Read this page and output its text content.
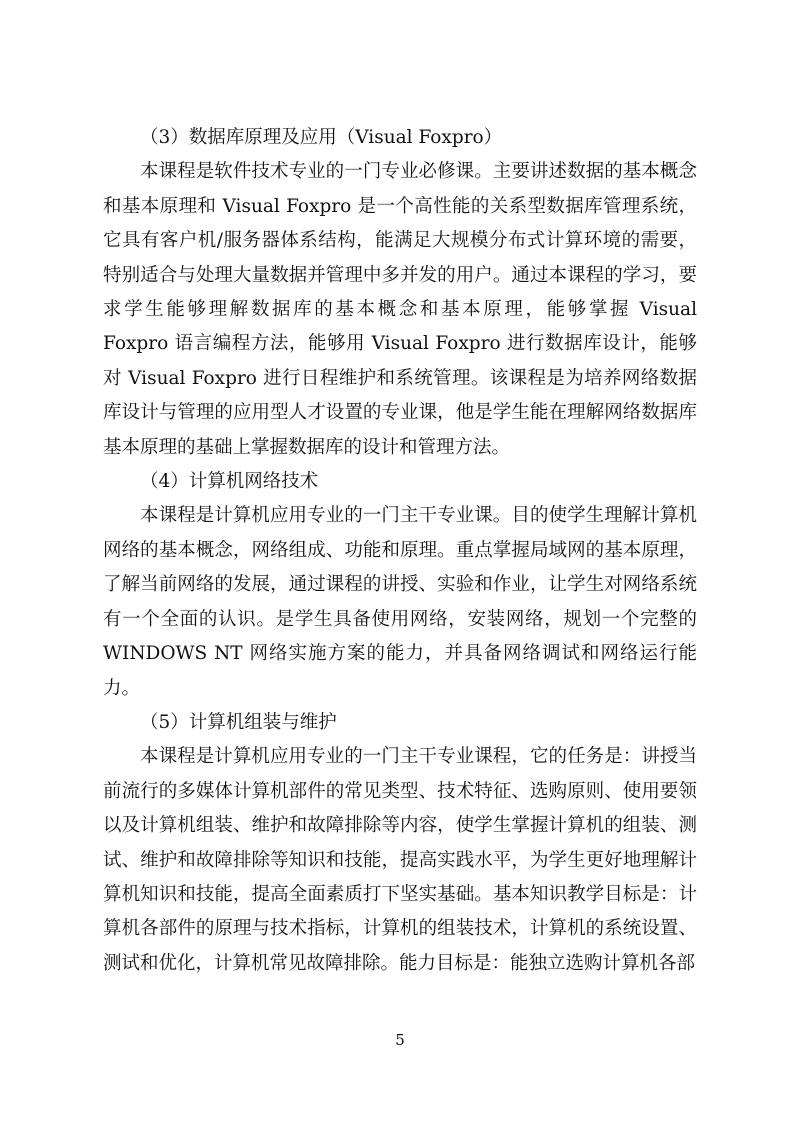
（3）数据库原理及应用（Visual Foxpro）

本课程是软件技术专业的一门专业必修课。主要讲述数据的基本概念和基本原理和 Visual Foxpro 是一个高性能的关系型数据库管理系统，它具有客户机/服务器体系结构，能满足大规模分布式计算环境的需要，特别适合与处理大量数据并管理中多并发的用户。通过本课程的学习，要求学生能够理解数据库的基本概念和基本原理，能够掌握 Visual Foxpro 语言编程方法，能够用 Visual Foxpro 进行数据库设计，能够对 Visual Foxpro 进行日程维护和系统管理。该课程是为培养网络数据库设计与管理的应用型人才设置的专业课，他是学生能在理解网络数据库基本原理的基础上掌握数据库的设计和管理方法。

（4）计算机网络技术

本课程是计算机应用专业的一门主干专业课。目的使学生理解计算机网络的基本概念，网络组成、功能和原理。重点掌握局域网的基本原理，了解当前网络的发展，通过课程的讲授、实验和作业，让学生对网络系统有一个全面的认识。是学生具备使用网络，安装网络，规划一个完整的 WINDOWS NT 网络实施方案的能力，并具备网络调试和网络运行能力。

（5）计算机组装与维护

本课程是计算机应用专业的一门主干专业课程，它的任务是：讲授当前流行的多媒体计算机部件的常见类型、技术特征、选购原则、使用要领以及计算机组装、维护和故障排除等内容，使学生掌握计算机的组装、测试、维护和故障排除等知识和技能，提高实践水平，为学生更好地理解计算机知识和技能，提高全面素质打下坚实基础。基本知识教学目标是：计算机各部件的原理与技术指标，计算机的组装技术，计算机的系统设置、测试和优化，计算机常见故障排除。能力目标是：能独立选购计算机各部

5
